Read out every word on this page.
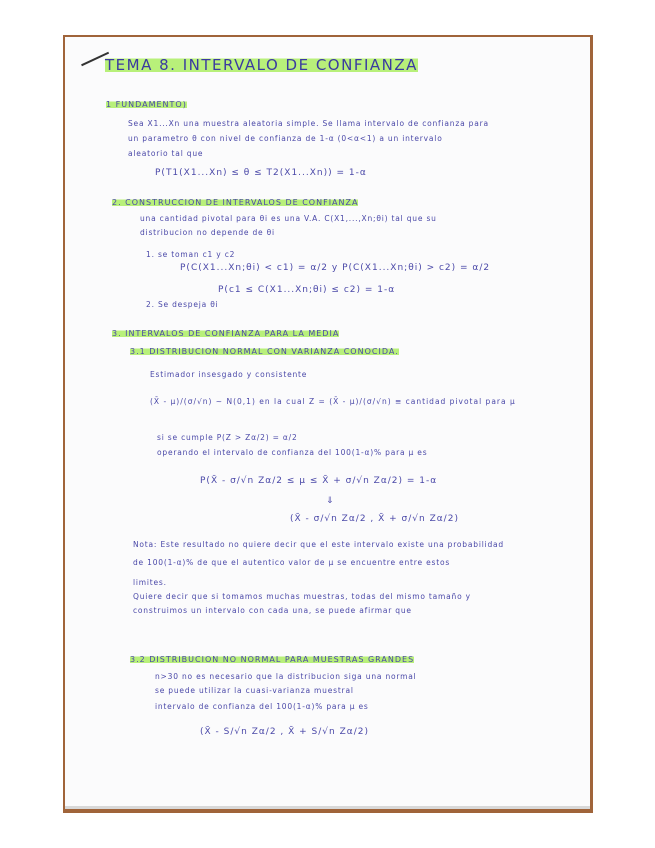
TEMA 8. INTERVALO DE CONFIANZA
1 FUNDAMENTO)
Sea X1...Xn una muestra aleatoria simple. Se llama intervalo de confianza para
un parametro θ con nivel de confianza de 1-α (0<α<1) a un intervalo
aleatorio tal que
P(T1(X1...Xn) ≤ θ ≤ T2(X1...Xn)) = 1-α
2. CONSTRUCCION DE INTERVALOS DE CONFIANZA
una cantidad pivotal para θi es una V.A. C(X1,...,Xn;θi) tal que su
distribucion no depende de θi
1. se toman c1 y c2
P(C(X1...Xn;θi) < c1) = α/2 y P(C(X1...Xn;θi) > c2) = α/2
P(c1 ≤ C(X1...Xn;θi) ≤ c2) = 1-α
2. Se despeja θi
3. INTERVALOS DE CONFIANZA PARA LA MEDIA
3.1 DISTRIBUCION NORMAL CON VARIANZA CONOCIDA.
Estimador insesgado y consistente
(X̄ - μ)/(σ/√n) ~ N(0,1) en la cual Z = (X̄ - μ)/(σ/√n) ≡ cantidad pivotal para μ
si se cumple P(Z > Zα/2) = α/2
operando el intervalo de confianza del 100(1-α)% para μ es
P(X̄ - σ/√n Zα/2 ≤ μ ≤ X̄ + σ/√n Zα/2) = 1-α
⇓
(X̄ - σ/√n Zα/2 , X̄ + σ/√n Zα/2)
Nota: Este resultado no quiere decir que el este intervalo existe una probabilidad
de 100(1-α)% de que el autentico valor de μ se encuentre entre estos
limites.
Quiere decir que si tomamos muchas muestras, todas del mismo tamaño y
construimos un intervalo con cada una, se puede afirmar que
3.2 DISTRIBUCION NO NORMAL PARA MUESTRAS GRANDES
n>30 no es necesario que la distribucion siga una normal
se puede utilizar la cuasi-varianza muestral
intervalo de confianza del 100(1-α)% para μ es
(X̄ - S/√n Zα/2 , X̄ + S/√n Zα/2)
